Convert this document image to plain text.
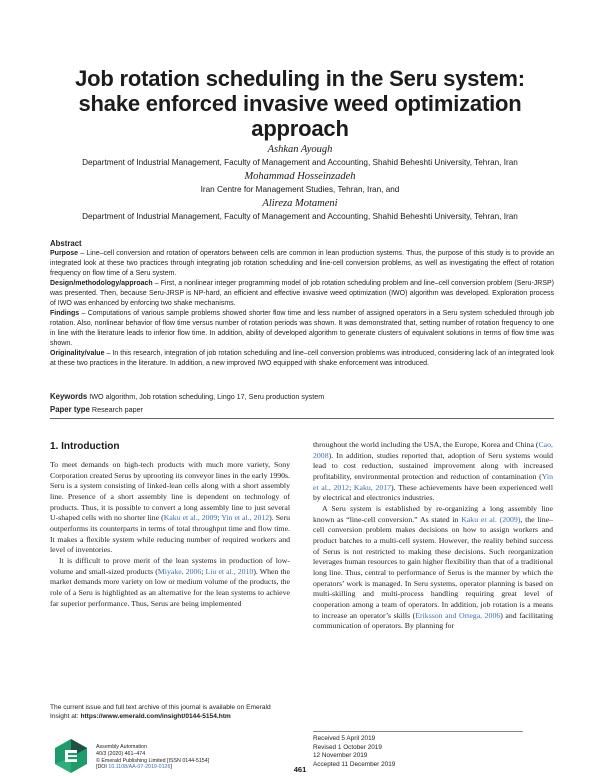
Job rotation scheduling in the Seru system:
shake enforced invasive weed optimization
approach
Ashkan Ayough
Department of Industrial Management, Faculty of Management and Accounting, Shahid Beheshti University, Tehran, Iran
Mohammad Hosseinzadeh
Iran Centre for Management Studies, Tehran, Iran, and
Alireza Motameni
Department of Industrial Management, Faculty of Management and Accounting, Shahid Beheshti University, Tehran, Iran
Abstract

Purpose – Line–cell conversion and rotation of operators between cells are common in lean production systems. Thus, the purpose of this study is to provide an integrated look at these two practices through integrating job rotation scheduling and line-cell conversion problems, as well as investigating the effect of rotation frequency on flow time of a Seru system.

Design/methodology/approach – First, a nonlinear integer programming model of job rotation scheduling problem and line–cell conversion problem (Seru-JRSP) was presented. Then, because Seru-JRSP is NP-hard, an efficient and effective invasive weed optimization (IWO) algorithm was developed. Exploration process of IWO was enhanced by enforcing two shake mechanisms.

Findings – Computations of various sample problems showed shorter flow time and less number of assigned operators in a Seru system scheduled through job rotation. Also, nonlinear behavior of flow time versus number of rotation periods was shown. It was demonstrated that, setting number of rotation frequency to one in line with the literature leads to inferior flow time. In addition, ability of developed algorithm to generate clusters of equivalent solutions in terms of flow time was shown.

Originality/value – In this research, integration of job rotation scheduling and line–cell conversion problems was introduced, considering lack of an integrated look at these two practices in the literature. In addition, a new improved IWO equipped with shake enforcement was introduced.

Keywords IWO algorithm, Job rotation scheduling, Lingo 17, Seru production system
Paper type Research paper
1. Introduction

To meet demands on high-tech products with much more variety, Sony Corporation created Serus by uprooting its conveyor lines in the early 1990s. Seru is a system consisting of linked-lean cells along with a short assembly line. Presence of a short assembly line is dependent on technology of products. Thus, it is possible to convert a long assembly line to just several U-shaped cells with no shorter line (Kaku et al., 2009; Yin et al., 2012). Seru outperforms its counterparts in terms of total throughput time and flow time. It makes a flexible system while reducing number of required workers and level of inventories.

It is difficult to prove merit of the lean systems in production of low-volume and small-sized products (Miyake, 2006; Liu et al., 2010). When the market demands more variety on low or medium volume of the products, the role of a Seru is highlighted as an alternative for the lean systems to achieve far superior performance. Thus, Serus are being implemented

throughout the world including the USA, the Europe, Korea and China (Cao, 2008). In addition, studies reported that, adoption of Seru systems would lead to cost reduction, sustained improvement along with increased profitability, environmental protection and reduction of contamination (Yin et al., 2012; Kaku, 2017). These achievements have been experienced well by electrical and electronics industries.

A Seru system is established by re-organizing a long assembly line known as “line-cell conversion.” As stated in Kaku et al. (2009), the line–cell conversion problem makes decisions on how to assign workers and product batches to a multi-cell system. However, the reality behind success of Serus is not restricted to making these decisions. Such reorganization leverages human resources to gain higher flexibility than that of a traditional long line. Thus, central to performance of Serus is the manner by which the operators’ work is managed. In Seru systems, operator planning is based on multi-skilling and multi-process handling requiring great level of cooperation among a team of operators. In addition, job rotation is a means to increase an operator’s skills (Eriksson and Ortega, 2006) and facilitating communication of operators. By planning for

The current issue and full text archive of this journal is available on Emerald Insight at: https://www.emerald.com/insight/0144-5154.htm
Assembly Automation
40/3 (2020) 461–474
© Emerald Publishing Limited [ISSN 0144-5154]
[DOI 10.1108/AA-07-2019-0126]
Received 5 April 2019
Revised 1 October 2019
12 November 2019
Accepted 11 December 2019
461
